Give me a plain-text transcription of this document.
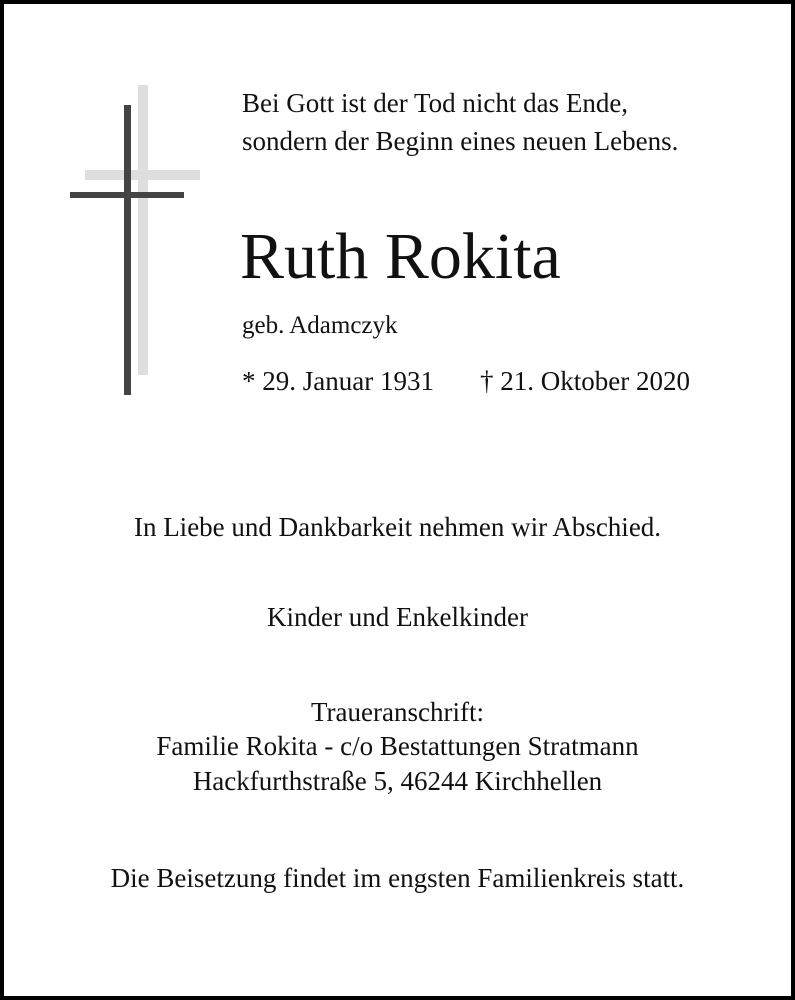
Bei Gott ist der Tod nicht das Ende,
sondern der Beginn eines neuen Lebens.
Ruth Rokita
geb. Adamczyk
* 29. Januar 1931 † 21. Oktober 2020
In Liebe und Dankbarkeit nehmen wir Abschied.
Kinder und Enkelkinder
Traueranschrift:
Familie Rokita - c/o Bestattungen Stratmann
Hackfurthstraße 5, 46244 Kirchhellen
Die Beisetzung findet im engsten Familienkreis statt.
